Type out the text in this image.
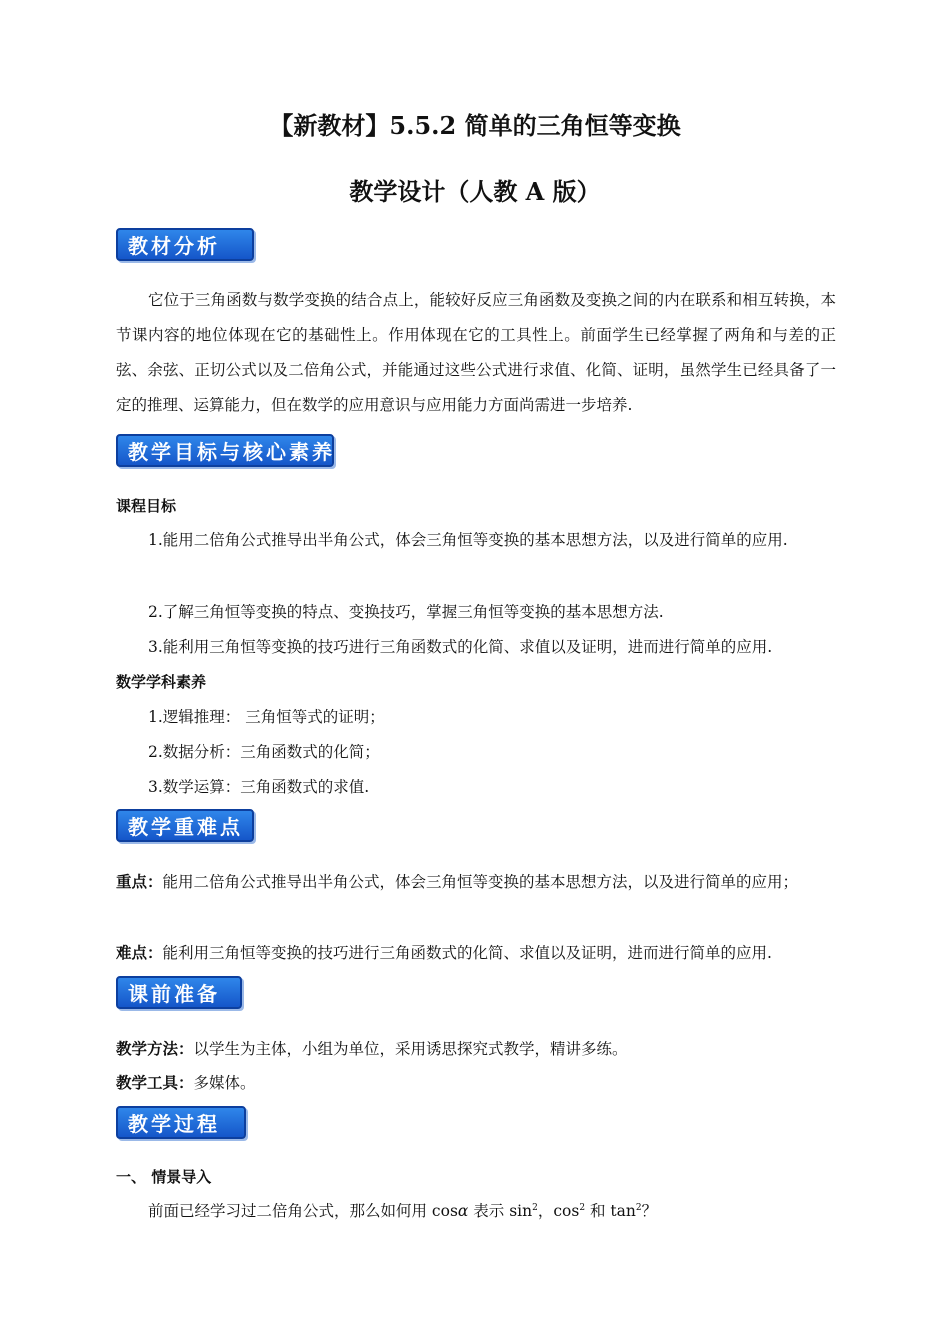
【新教材】5.5.2 简单的三角恒等变换
教学设计（人教 A 版）
教材分析
它位于三角函数与数学变换的结合点上，能较好反应三角函数及变换之间的内在联系和相互转换，本节课内容的地位体现在它的基础性上。作用体现在它的工具性上。前面学生已经掌握了两角和与差的正弦、余弦、正切公式以及二倍角公式，并能通过这些公式进行求值、化简、证明，虽然学生已经具备了一定的推理、运算能力，但在数学的应用意识与应用能力方面尚需进一步培养.
教学目标与核心素养
课程目标
1.能用二倍角公式推导出半角公式，体会三角恒等变换的基本思想方法，以及进行简单的应用.
2.了解三角恒等变换的特点、变换技巧，掌握三角恒等变换的基本思想方法.
3.能利用三角恒等变换的技巧进行三角函数式的化简、求值以及证明，进而进行简单的应用.
数学学科素养
1.逻辑推理： 三角恒等式的证明；
2.数据分析：三角函数式的化简；
3.数学运算：三角函数式的求值.
教学重难点
重点：能用二倍角公式推导出半角公式，体会三角恒等变换的基本思想方法，以及进行简单的应用；
难点：能利用三角恒等变换的技巧进行三角函数式的化简、求值以及证明，进而进行简单的应用.
课前准备
教学方法：以学生为主体，小组为单位，采用诱思探究式教学，精讲多练。
教学工具：多媒体。
教学过程
一、 情景导入
前面已经学习过二倍角公式，那么如何用 cosα 表示 $\sin^2$，$\cos^2$ 和 $\tan^2$？
